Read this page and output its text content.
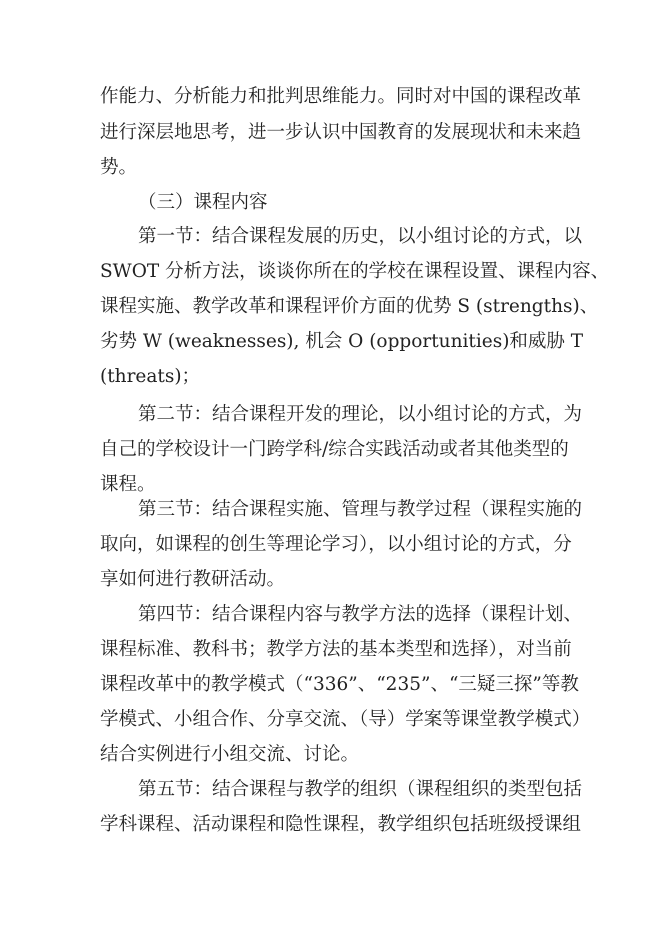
作能力、分析能力和批判思维能力。同时对中国的课程改革
进行深层地思考，进一步认识中国教育的发展现状和未来趋
势。
（三）课程内容
第一节：结合课程发展的历史，以小组讨论的方式，以
SWOT 分析方法，谈谈你所在的学校在课程设置、课程内容、
课程实施、教学改革和课程评价方面的优势 S (strengths)、
劣势 W (weaknesses), 机会 O (opportunities)和威胁 T
(threats)；
第二节：结合课程开发的理论，以小组讨论的方式，为
自己的学校设计一门跨学科/综合实践活动或者其他类型的
课程。
第三节：结合课程实施、管理与教学过程（课程实施的
取向，如课程的创生等理论学习），以小组讨论的方式，分
享如何进行教研活动。
第四节：结合课程内容与教学方法的选择（课程计划、
课程标准、教科书；教学方法的基本类型和选择），对当前
课程改革中的教学模式（“336”、“235”、“三疑三探”等教
学模式、小组合作、分享交流、（导）学案等课堂教学模式）
结合实例进行小组交流、讨论。
第五节：结合课程与教学的组织（课程组织的类型包括
学科课程、活动课程和隐性课程，教学组织包括班级授课组
